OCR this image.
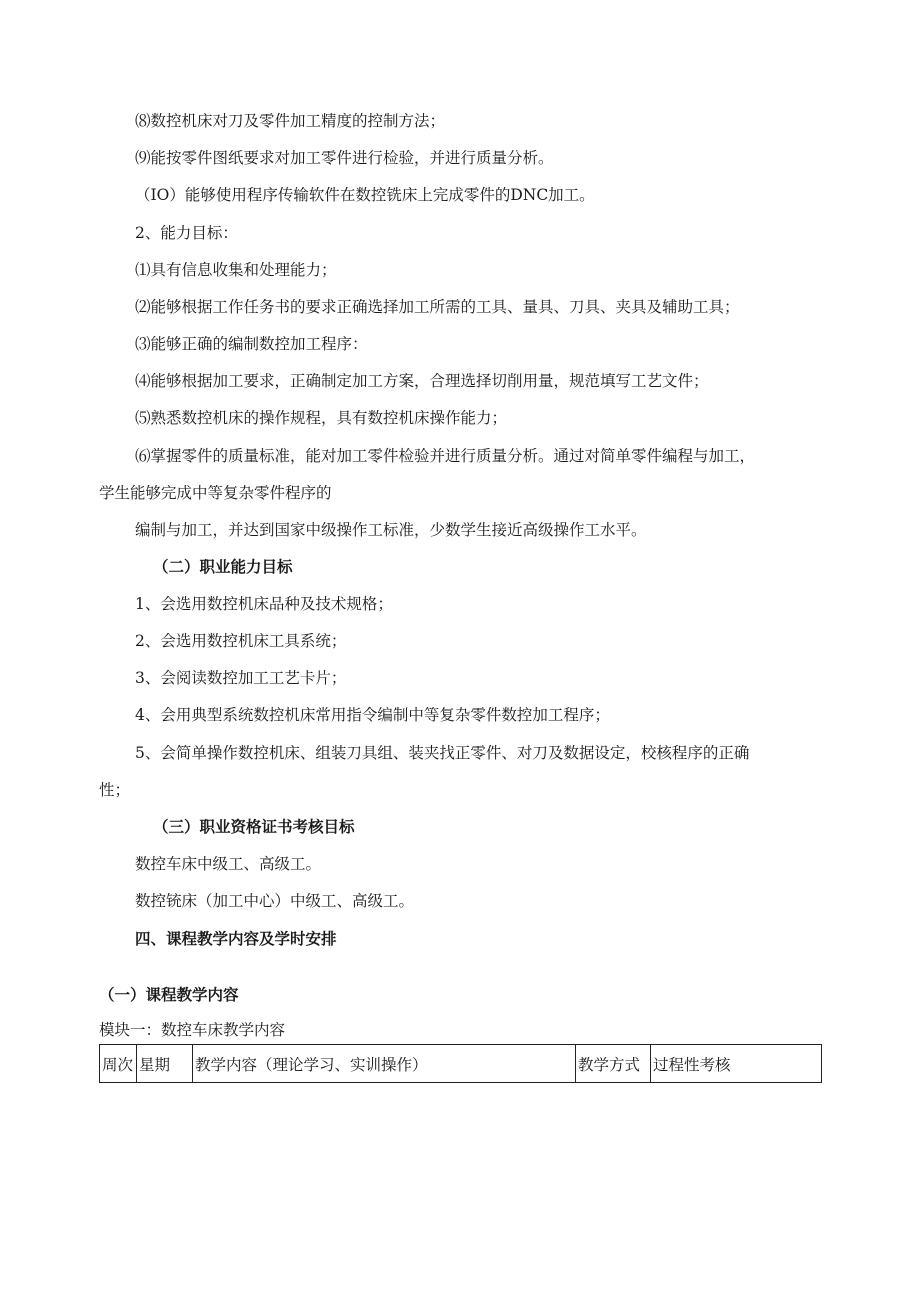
⑻数控机床对刀及零件加工精度的控制方法；

⑼能按零件图纸要求对加工零件进行检验，并进行质量分析。

（IO）能够使用程序传输软件在数控铣床上完成零件的DNC加工。

2、能力目标：

⑴具有信息收集和处理能力；

⑵能够根据工作任务书的要求正确选择加工所需的工具、量具、刀具、夹具及辅助工具；

⑶能够正确的编制数控加工程序：

⑷能够根据加工要求，正确制定加工方案，合理选择切削用量，规范填写工艺文件；

⑸熟悉数控机床的操作规程，具有数控机床操作能力；

⑹掌握零件的质量标准，能对加工零件检验并进行质量分析。通过对简单零件编程与加工，

学生能够完成中等复杂零件程序的

编制与加工，并达到国家中级操作工标准，少数学生接近高级操作工水平。

（二）职业能力目标

1、会选用数控机床品种及技术规格；

2、会选用数控机床工具系统；

3、会阅读数控加工工艺卡片；

4、会用典型系统数控机床常用指令编制中等复杂零件数控加工程序；

5、会简单操作数控机床、组装刀具组、装夹找正零件、对刀及数据设定，校核程序的正确

性；

（三）职业资格证书考核目标

数控车床中级工、高级工。

数控铳床（加工中心）中级工、高级工。

四、课程教学内容及学时安排

（一）课程教学内容

模块一：数控车床教学内容

周次	星期	教学内容（理论学习、实训操作）	教学方式	过程性考核
